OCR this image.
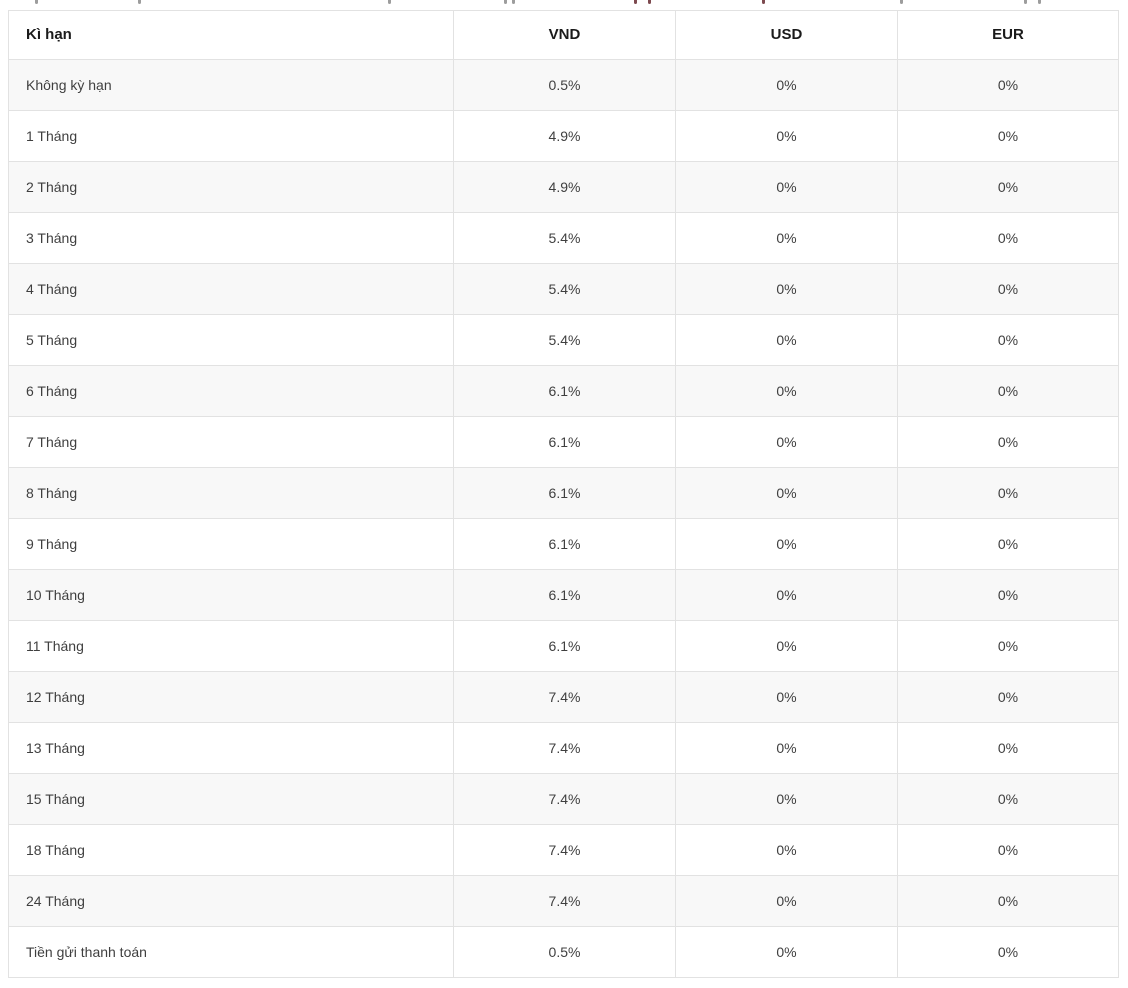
Kì hạn	VND	USD	EUR
Không kỳ hạn	0.5%	0%	0%
1 Tháng	4.9%	0%	0%
2 Tháng	4.9%	0%	0%
3 Tháng	5.4%	0%	0%
4 Tháng	5.4%	0%	0%
5 Tháng	5.4%	0%	0%
6 Tháng	6.1%	0%	0%
7 Tháng	6.1%	0%	0%
8 Tháng	6.1%	0%	0%
9 Tháng	6.1%	0%	0%
10 Tháng	6.1%	0%	0%
11 Tháng	6.1%	0%	0%
12 Tháng	7.4%	0%	0%
13 Tháng	7.4%	0%	0%
15 Tháng	7.4%	0%	0%
18 Tháng	7.4%	0%	0%
24 Tháng	7.4%	0%	0%
Tiền gửi thanh toán	0.5%	0%	0%
